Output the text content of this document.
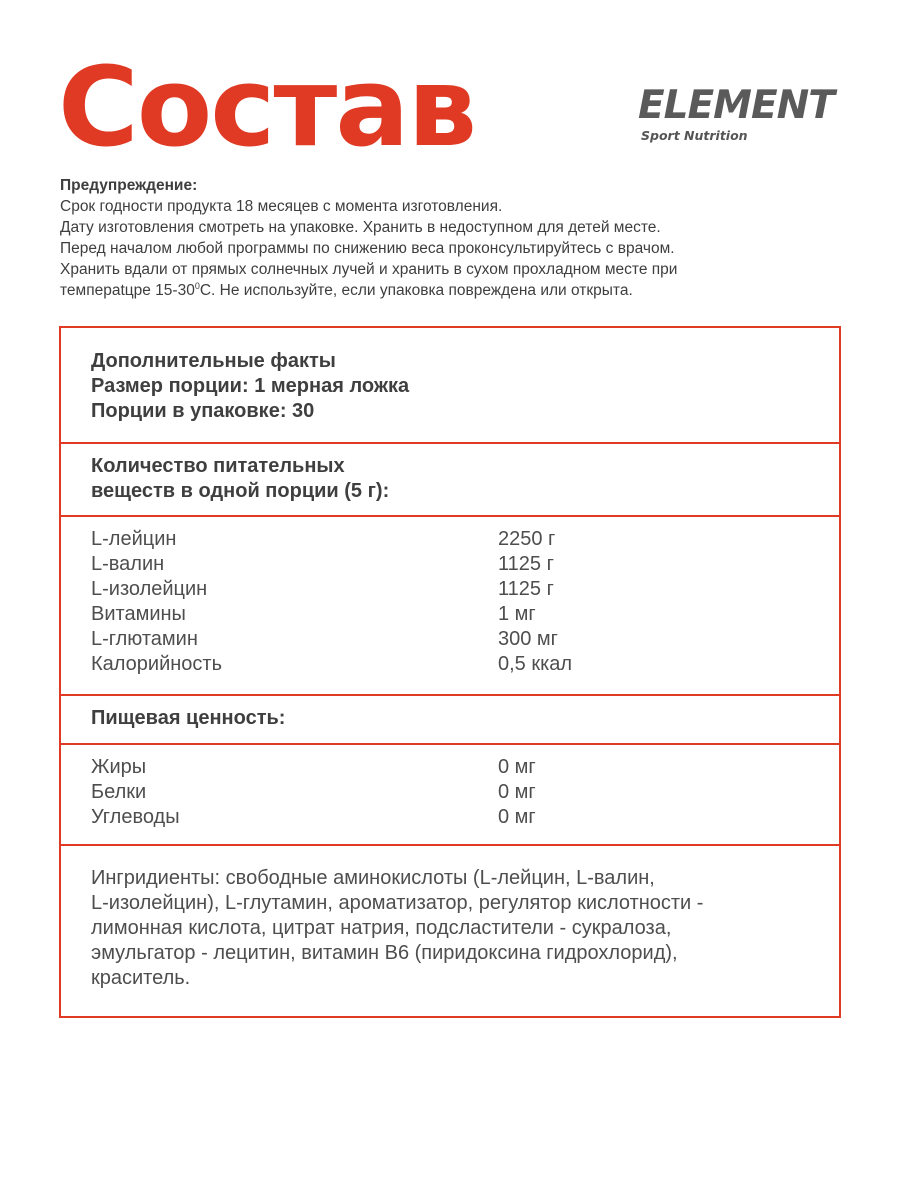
Состав	ELEMENT
Sport Nutrition
Предупреждение:
Срок годности продукта 18 месяцев с момента изготовления.
Дату изготовления смотреть на упаковке. Хранить в недоступном для детей месте.
Перед началом любой программы по снижению веса проконсультируйтесь с врачом.
Хранить вдали от прямых солнечных лучей и хранить в сухом прохладном месте при
темпераtцре $15-30^0С$. Не используйте, если упаковка повреждена или открыта.
Дополнительные факты
Размер порции: 1 мерная ложка
Порции в упаковке: 30
Количество питательных
веществ в одной порции (5 г):
L-лейцин	2250 г
L-валин	1125 г
L-изолейцин	1125 г
Витамины	1 мг
L-глютамин	300 мг
Калорийность	0,5 ккал
Пищевая ценность:
Жиры	0 мг
Белки	0 мг
Углеводы	0 мг
Ингридиенты: свободные аминокислоты (L-лейцин, L-валин,
L-изолейцин), L-глутамин, ароматизатор, регулятор кислотности -
лимонная кислота, цитрат натрия, подсластители - сукралоза,
эмульгатор - лецитин, витамин B6 (пиридоксина гидрохлорид),
краситель.
